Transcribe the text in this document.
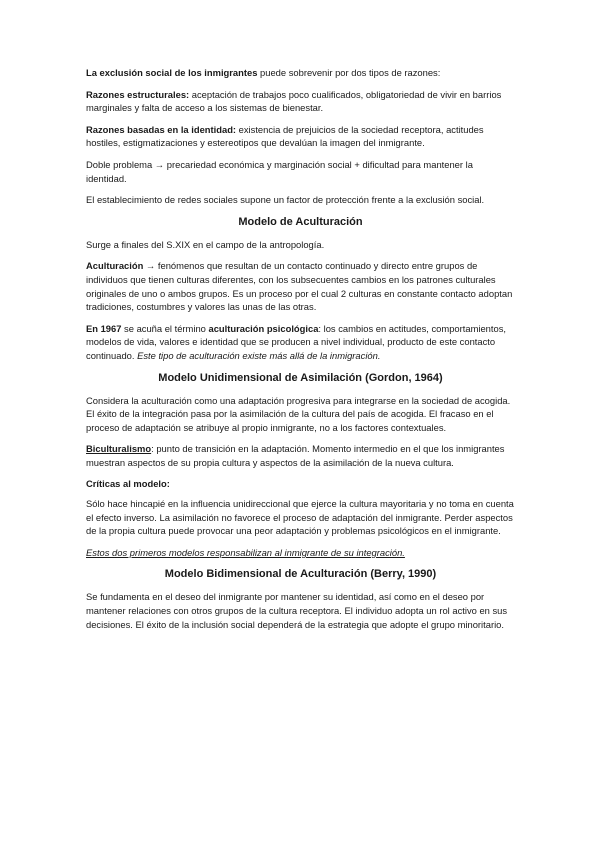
La exclusión social de los inmigrantes puede sobrevenir por dos tipos de razones:

Razones estructurales: aceptación de trabajos poco cualificados, obligatoriedad de vivir en barrios marginales y falta de acceso a los sistemas de bienestar.

Razones basadas en la identidad: existencia de prejuicios de la sociedad receptora, actitudes hostiles, estigmatizaciones y estereotipos que devalúan la imagen del inmigrante.

Doble problema → precariedad económica y marginación social + dificultad para mantener la identidad.

El establecimiento de redes sociales supone un factor de protección frente a la exclusión social.

Modelo de Aculturación

Surge a finales del S.XIX en el campo de la antropología.

Aculturación → fenómenos que resultan de un contacto continuado y directo entre grupos de individuos que tienen culturas diferentes, con los subsecuentes cambios en los patrones culturales originales de uno o ambos grupos. Es un proceso por el cual 2 culturas en constante contacto adoptan tradiciones, costumbres y valores las unas de las otras.

En 1967 se acuña el término aculturación psicológica: los cambios en actitudes, comportamientos, modelos de vida, valores e identidad que se producen a nivel individual, producto de este contacto continuado. Este tipo de aculturación existe más allá de la inmigración.

Modelo Unidimensional de Asimilación (Gordon, 1964)

Considera la aculturación como una adaptación progresiva para integrarse en la sociedad de acogida. El éxito de la integración pasa por la asimilación de la cultura del país de acogida. El fracaso en el proceso de adaptación se atribuye al propio inmigrante, no a los factores contextuales.

Biculturalismo: punto de transición en la adaptación. Momento intermedio en el que los inmigrantes muestran aspectos de su propia cultura y aspectos de la asimilación de la nueva cultura.

Críticas al modelo:

Sólo hace hincapié en la influencia unidireccional que ejerce la cultura mayoritaria y no toma en cuenta el efecto inverso. La asimilación no favorece el proceso de adaptación del inmigrante. Perder aspectos de la propia cultura puede provocar una peor adaptación y problemas psicológicos en el inmigrante.

Estos dos primeros modelos responsabilizan al inmigrante de su integración.

Modelo Bidimensional de Aculturación (Berry, 1990)

Se fundamenta en el deseo del inmigrante por mantener su identidad, así como en el deseo por mantener relaciones con otros grupos de la cultura receptora. El individuo adopta un rol activo en sus decisiones. El éxito de la inclusión social dependerá de la estrategia que adopte el grupo minoritario.
